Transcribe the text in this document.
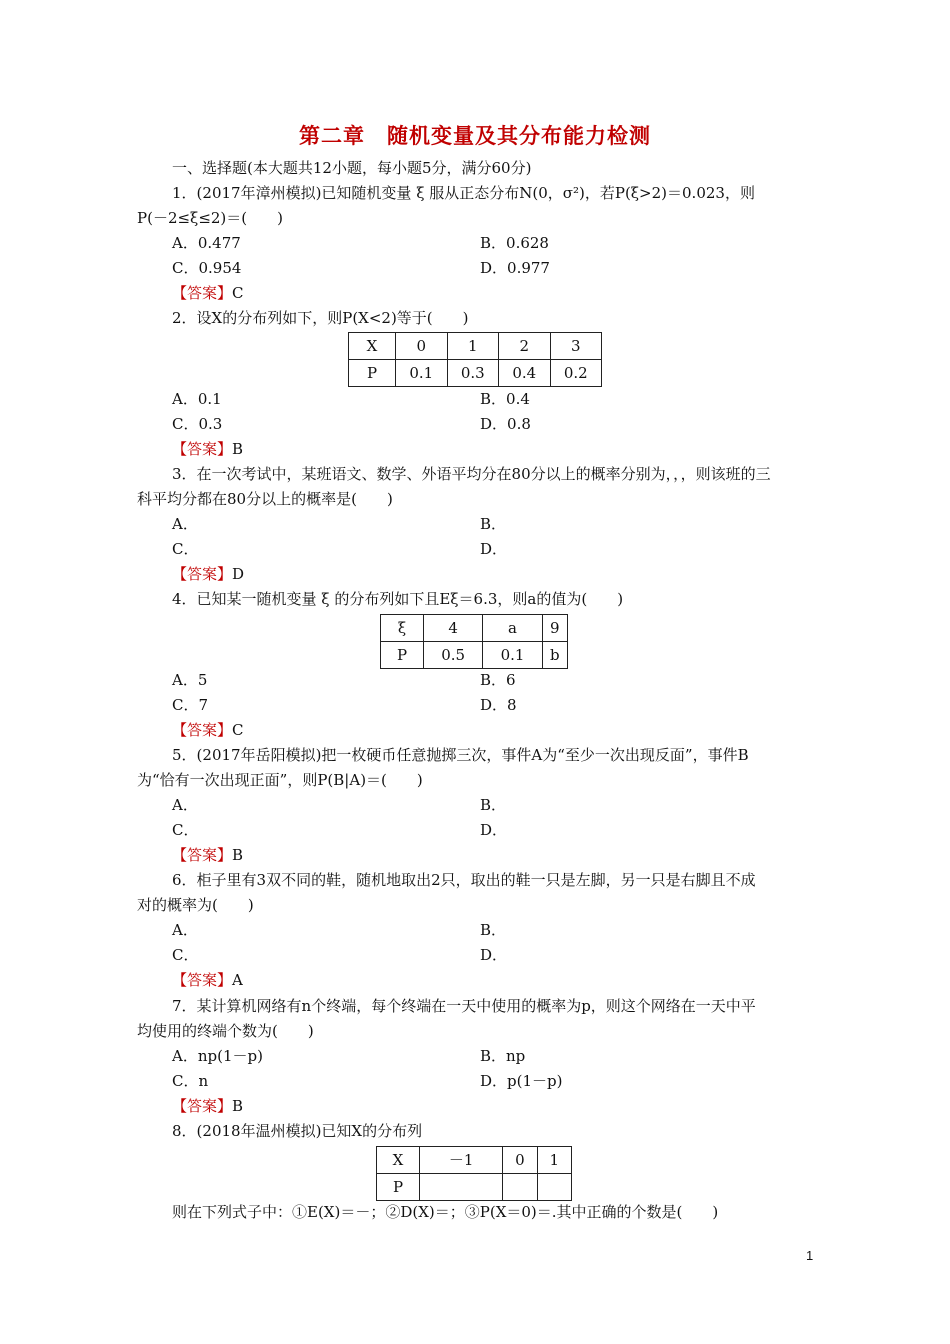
第二章　随机变量及其分布能力检测
一、选择题(本大题共12小题，每小题5分，满分60分)
1．(2017年漳州模拟)已知随机变量 ξ 服从正态分布N(0，σ²)，若P(ξ>2)＝0.023，则
P(－2≤ξ≤2)＝(　　)
A．0.477	B．0.628
C．0.954	D．0.977
【答案】C
2．设X的分布列如下，则P(X<2)等于(　　)
X	0	1	2	3
P	0.1	0.3	0.4	0.2
A．0.1	B．0.4
C．0.3	D．0.8
【答案】B
3．在一次考试中，某班语文、数学、外语平均分在80分以上的概率分别为，，，则该班的三
科平均分都在80分以上的概率是(　　)
A．	B．
C．	D．
【答案】D
4．已知某一随机变量 ξ 的分布列如下且Eξ＝6.3，则a的值为(　　)
ξ	4	a	9
P	0.5	0.1	b
A．5	B．6
C．7	D．8
【答案】C
5．(2017年岳阳模拟)把一枚硬币任意抛掷三次，事件A为“至少一次出现反面”，事件B
为“恰有一次出现正面”，则P(B|A)＝(　　)
A．	B．
C．	D．
【答案】B
6．柜子里有3双不同的鞋，随机地取出2只，取出的鞋一只是左脚，另一只是右脚且不成
对的概率为(　　)
A．	B．
C．	D．
【答案】A
7．某计算机网络有n个终端，每个终端在一天中使用的概率为p，则这个网络在一天中平
均使用的终端个数为(　　)
A．np(1－p)	B．np
C．n	D．p(1－p)
【答案】B
8．(2018年温州模拟)已知X的分布列
X	－1	0	1
P			
则在下列式子中：①E(X)＝－；②D(X)＝；③P(X＝0)＝.其中正确的个数是(　　)
1
